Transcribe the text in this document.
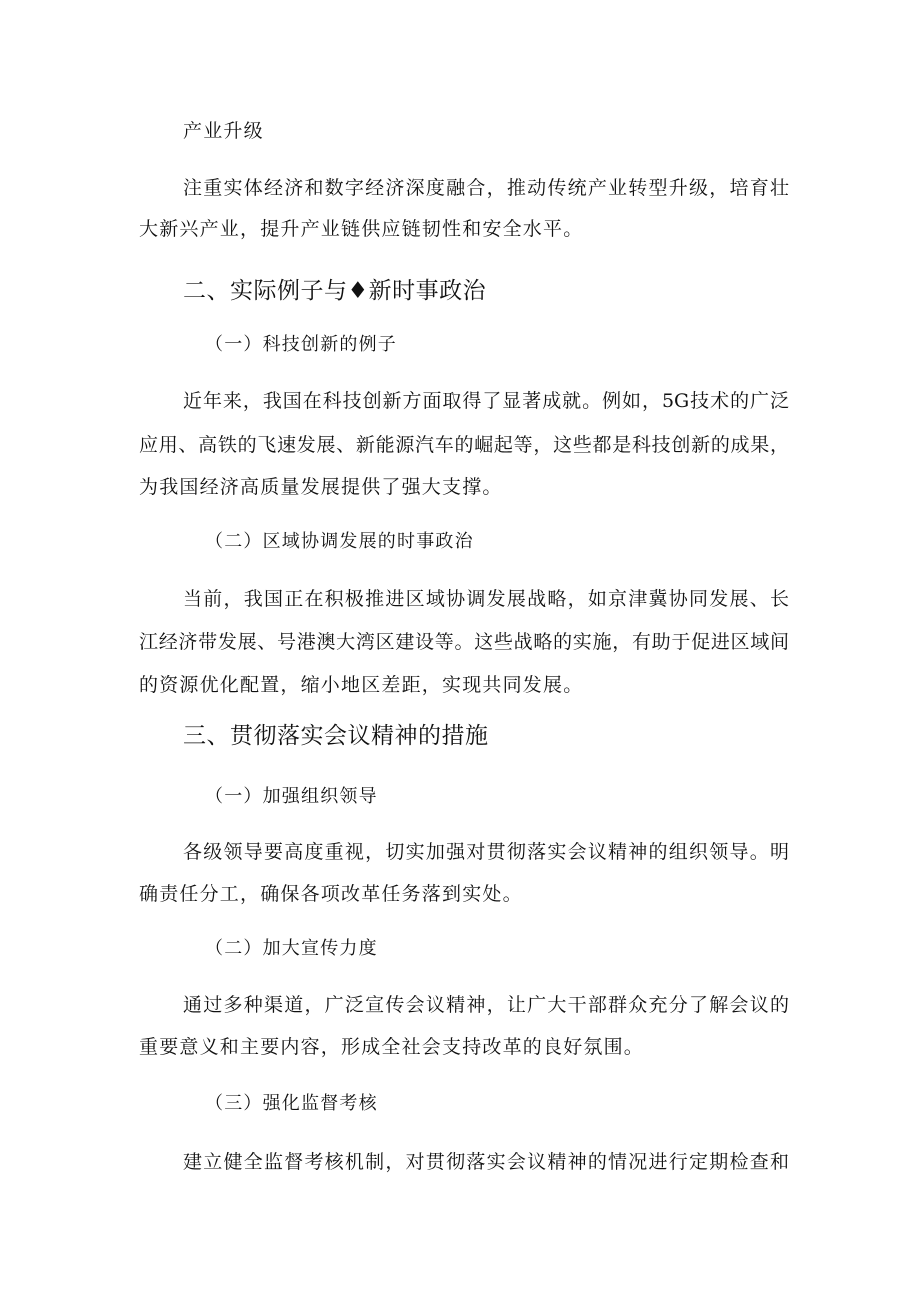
产业升级
注重实体经济和数字经济深度融合，推动传统产业转型升级，培育壮
大新兴产业，提升产业链供应链韧性和安全水平。
二、实际例子与♦新时事政治
（一）科技创新的例子
近年来，我国在科技创新方面取得了显著成就。例如，5G技术的广泛
应用、高铁的飞速发展、新能源汽车的崛起等，这些都是科技创新的成果，
为我国经济高质量发展提供了强大支撑。
（二）区域协调发展的时事政治
当前，我国正在积极推进区域协调发展战略，如京津冀协同发展、长
江经济带发展、号港澳大湾区建设等。这些战略的实施，有助于促进区域间
的资源优化配置，缩小地区差距，实现共同发展。
三、贯彻落实会议精神的措施
（一）加强组织领导
各级领导要高度重视，切实加强对贯彻落实会议精神的组织领导。明
确责任分工，确保各项改革任务落到实处。
（二）加大宣传力度
通过多种渠道，广泛宣传会议精神，让广大干部群众充分了解会议的
重要意义和主要内容，形成全社会支持改革的良好氛围。
（三）强化监督考核
建立健全监督考核机制，对贯彻落实会议精神的情况进行定期检查和
